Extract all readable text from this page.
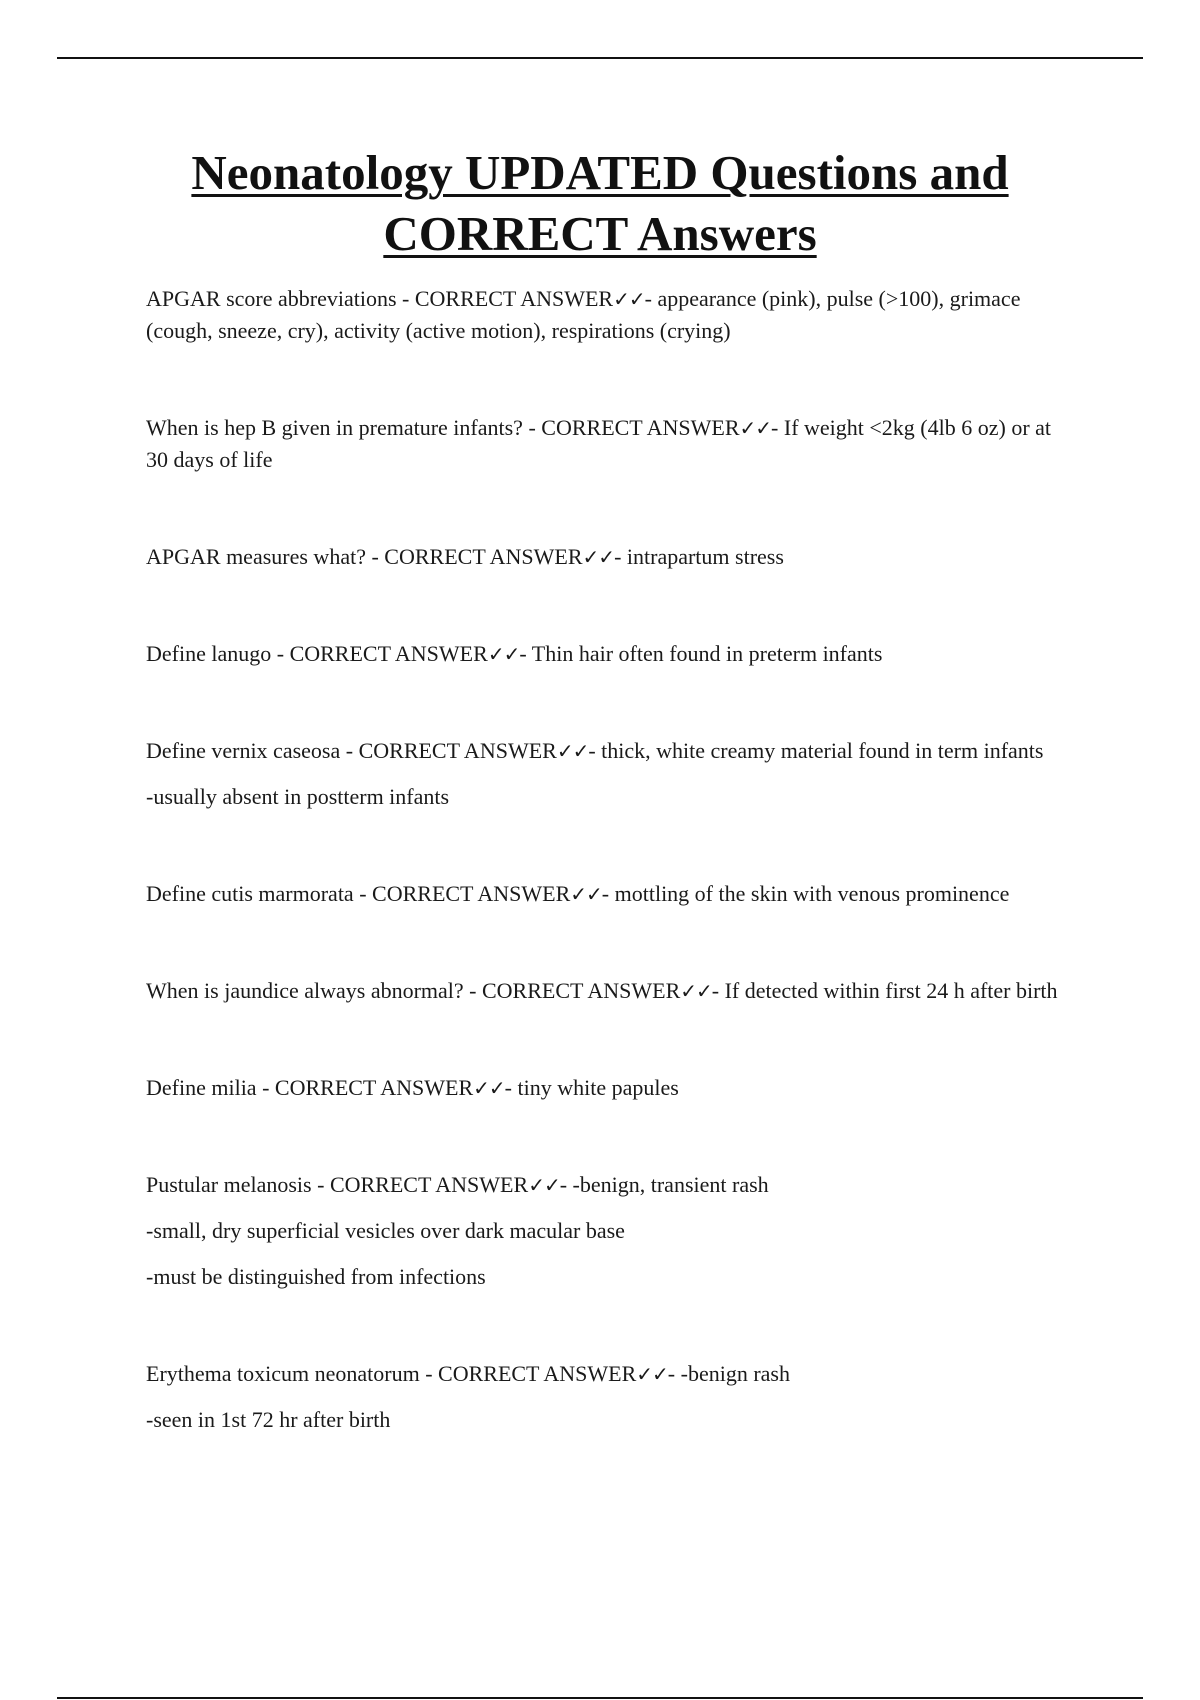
Neonatology UPDATED Questions and CORRECT Answers

APGAR score abbreviations - CORRECT ANSWER✓✓- appearance (pink), pulse (>100), grimace (cough, sneeze, cry), activity (active motion), respirations (crying)

When is hep B given in premature infants? - CORRECT ANSWER✓✓- If weight <2kg (4lb 6 oz) or at 30 days of life

APGAR measures what? - CORRECT ANSWER✓✓- intrapartum stress

Define lanugo - CORRECT ANSWER✓✓- Thin hair often found in preterm infants

Define vernix caseosa - CORRECT ANSWER✓✓- thick, white creamy material found in term infants

-usually absent in postterm infants

Define cutis marmorata - CORRECT ANSWER✓✓- mottling of the skin with venous prominence

When is jaundice always abnormal? - CORRECT ANSWER✓✓- If detected within first 24 h after birth

Define milia - CORRECT ANSWER✓✓- tiny white papules

Pustular melanosis - CORRECT ANSWER✓✓- -benign, transient rash

-small, dry superficial vesicles over dark macular base

-must be distinguished from infections

Erythema toxicum neonatorum - CORRECT ANSWER✓✓- -benign rash

-seen in 1st 72 hr after birth
